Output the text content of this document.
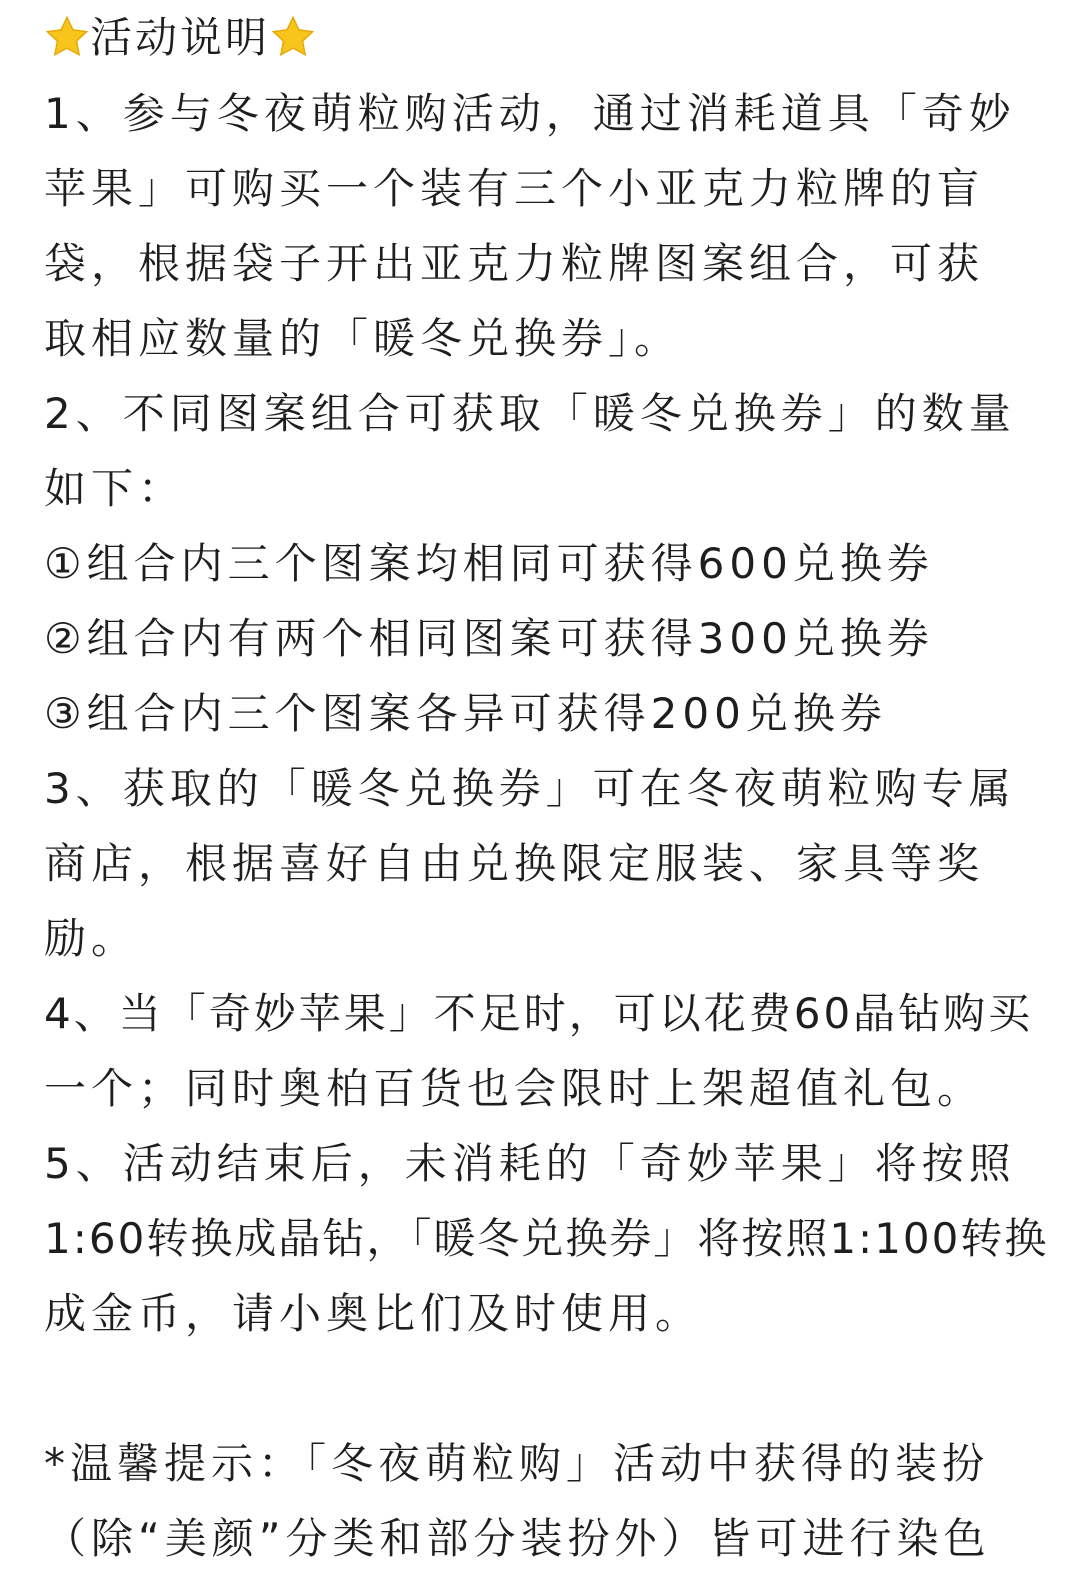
活动说明
1、参与冬夜萌粒购活动，通过消耗道具「奇妙
苹果」可购买一个装有三个小亚克力粒牌的盲
袋，根据袋子开出亚克力粒牌图案组合，可获
取相应数量的「暖冬兑换券」。
2、不同图案组合可获取「暖冬兑换券」的数量
如下：
①组合内三个图案均相同可获得600兑换券
②组合内有两个相同图案可获得300兑换券
③组合内三个图案各异可获得200兑换券
3、获取的「暖冬兑换券」可在冬夜萌粒购专属
商店，根据喜好自由兑换限定服装、家具等奖
励。
4、当「奇妙苹果」不足时，可以花费60晶钻购买
一个；同时奥柏百货也会限时上架超值礼包。
5、活动结束后，未消耗的「奇妙苹果」将按照
1:60转换成晶钻，「暖冬兑换券」将按照1:100转换
成金币，请小奥比们及时使用。
*温馨提示：「冬夜萌粒购」活动中获得的装扮
（除“美颜”分类和部分装扮外）皆可进行染色
